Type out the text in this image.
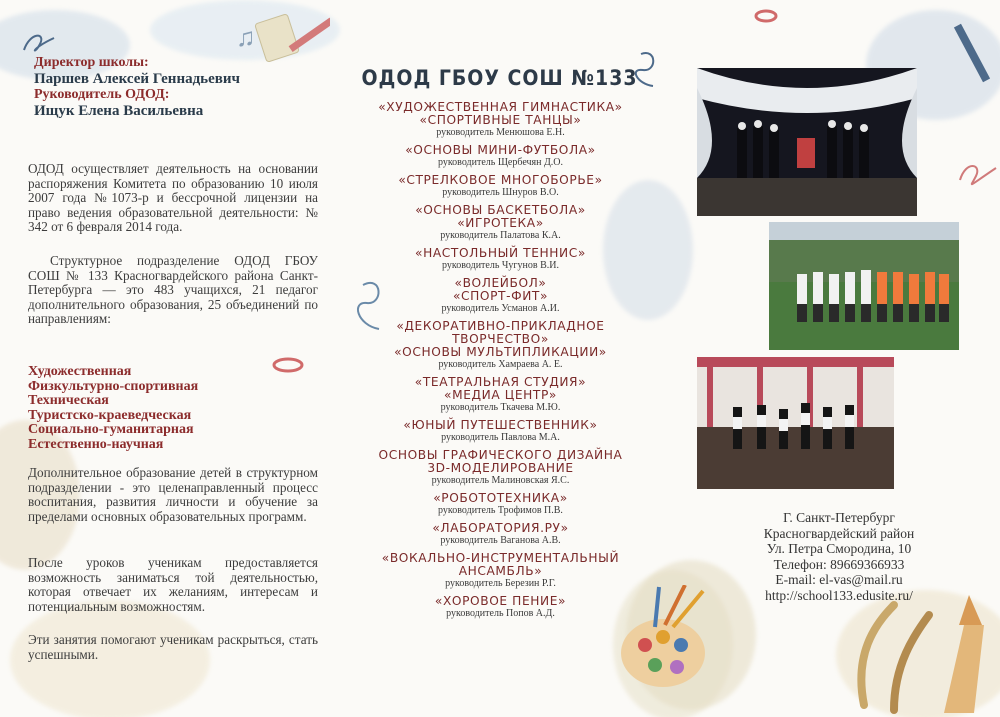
♫
Директор школы:
Паршев Алексей Геннадьевич
Руководитель ОДОД:
Ищук Елена Васильевна

ОДОД осуществляет деятельность на основании распоряжения Комитета по образованию 10 июля 2007 года №1073-р и бессрочной лицензии на право ведения образовательной деятельности: № 342 от 6 февраля 2014 года.

Структурное подразделение ОДОД ГБОУ СОШ № 133 Красногвардейского района Санкт-Петербурга — это 483 учащихся, 21 педагог дополнительного образования, 25 объединений по направлениям:

Художественная
Физкультурно-спортивная
Техническая
Туристско-краеведческая
Социально-гуманитарная
Естественно-научная

Дополнительное образование детей в структурном подразделении - это целенаправленный процесс воспитания, развития личности и обучение за пределами основных образовательных программ.

После уроков ученикам предоставляется возможность заниматься той деятельностью, которая отвечает их желаниям, интересам и потенциальным возможностям.

Эти занятия помогают ученикам раскрыться, стать успешными.

ОДОД ГБОУ СОШ №133
«ХУДОЖЕСТВЕННАЯ ГИМНАСТИКА»
«СПОРТИВНЫЕ ТАНЦЫ»
руководитель Менюшова Е.Н.
«ОСНОВЫ МИНИ-ФУТБОЛА»
руководитель Щербечян Д.О.
«СТРЕЛКОВОЕ МНОГОБОРЬЕ»
руководитель Шнуров В.О.
«ОСНОВЫ БАСКЕТБОЛА»
«ИГРОТЕКА»
руководитель Палатова К.А.
«НАСТОЛЬНЫЙ ТЕННИС»
руководитель Чугунов В.И.
«ВОЛЕЙБОЛ»
«СПОРТ-ФИТ»
руководитель Усманов А.И.
«ДЕКОРАТИВНО-ПРИКЛАДНОЕ ТВОРЧЕСТВО»
«ОСНОВЫ МУЛЬТИПЛИКАЦИИ»
руководитель Хамраева А. Е.
«ТЕАТРАЛЬНАЯ СТУДИЯ»
«МЕДИА ЦЕНТР»
руководитель Ткачева М.Ю.
«ЮНЫЙ ПУТЕШЕСТВЕННИК»
руководитель Павлова М.А.
ОСНОВЫ ГРАФИЧЕСКОГО ДИЗАЙНА
3D-МОДЕЛИРОВАНИЕ
руководитель Малиновская Я.С.
«РОБОТОТЕХНИКА»
руководитель Трофимов П.В.
«ЛАБОРАТОРИЯ.РУ»
руководитель Ваганова А.В.
«ВОКАЛЬНО-ИНСТРУМЕНТАЛЬНЫЙ
АНСАМБЛЬ»
руководитель Березин Р.Г.
«ХОРОВОЕ ПЕНИЕ»
руководитель Попов А.Д.
Г. Санкт-Петербург
Красногвардейский район
Ул. Петра Смородина, 10
Телефон: 89669366933
E-mail: el-vas@mail.ru
http://school133.edusite.ru/
